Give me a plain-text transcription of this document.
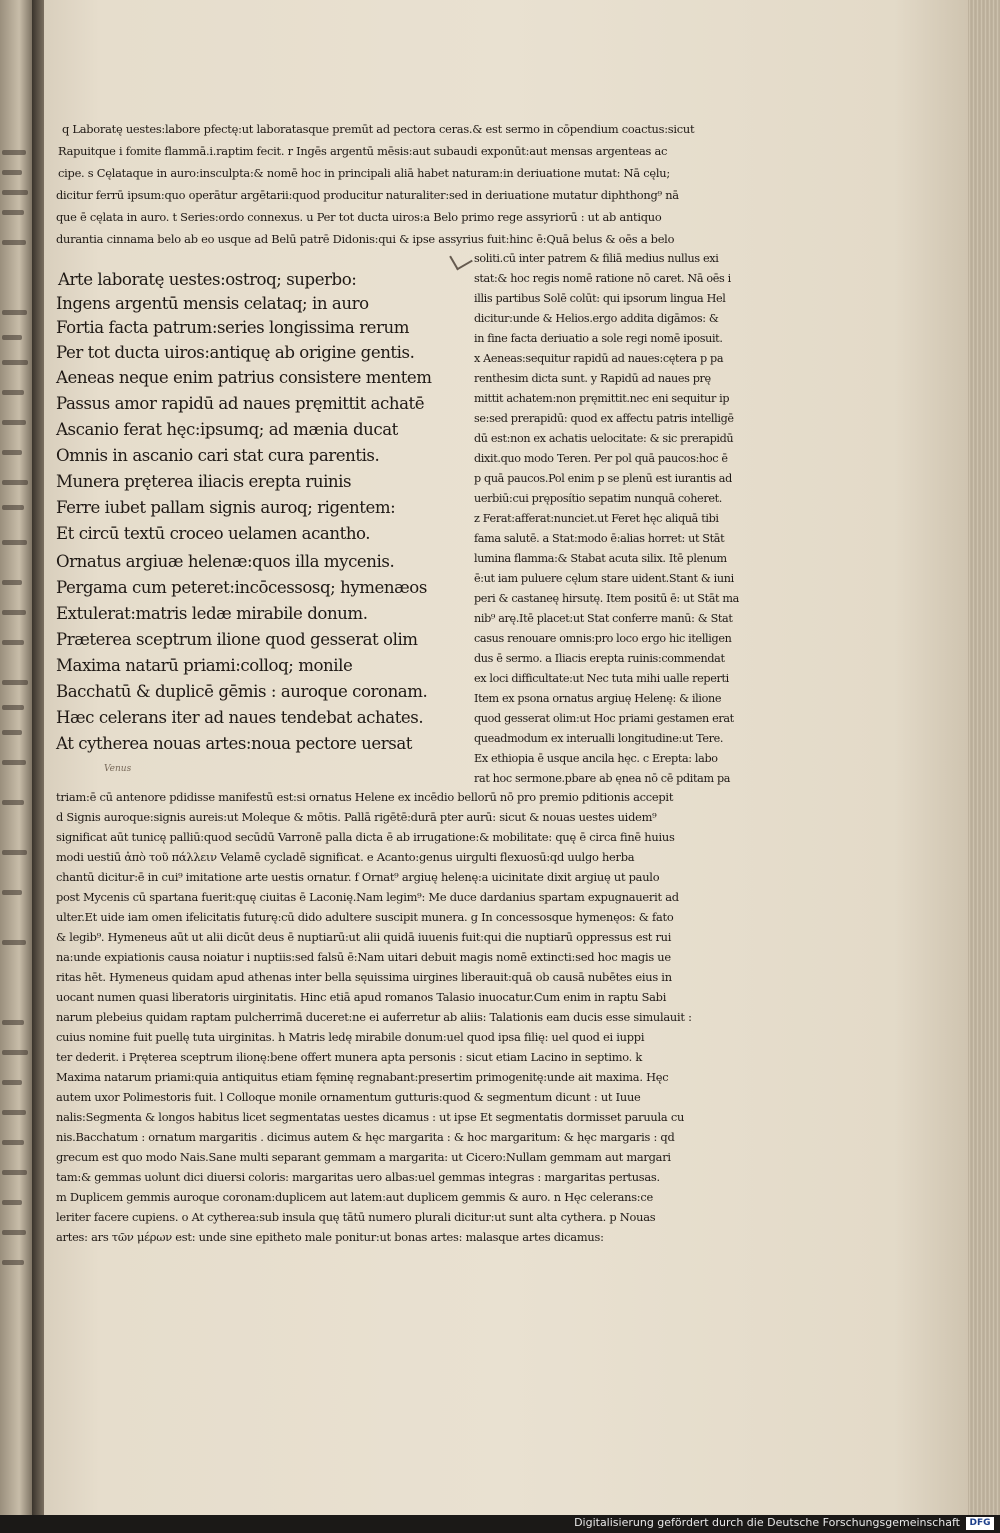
q Laboratę uestes:labore pfectę:ut laboratasque premūt ad pectora ceras.& est sermo in cōpendium coactus:sicut
Rapuitque i fomite flammā.i.raptim fecit. r Ingēs argentū mēsis:aut subaudi exponūt:aut mensas argenteas ac
cipe. s Cęlataque in auro:insculpta:& nomē hoc in principali aliā habet naturam:in deriuatione mutat: Nā cęlu;
dicitur ferrū ipsum:quo operātur argētarii:quod producitur naturaliter:sed in deriuatione mutatur diphthong⁹ nā
que ē cęlata in auro. t Series:ordo connexus. u Per tot ducta uiros:a Belo primo rege assyriorū : ut ab antiquo
durantia cinnama belo ab eo usque ad Belū patrē Didonis:qui & ipse assyrius fuit:hinc ē:Quā belus & oēs a belo
Arte laboratę uestes:ostroq; superbo:
Ingens argentū mensis celataq; in auro
Fortia facta patrum:series longissima rerum
Per tot ducta uiros:antiquę ab origine gentis.
Aeneas neque enim patrius consistere mentem
Passus amor rapidū ad naues pręmittit achatē
Ascanio ferat hęc:ipsumq; ad mænia ducat
Omnis in ascanio cari stat cura parentis.
Munera pręterea iliacis erepta ruinis
Ferre iubet pallam signis auroq; rigentem:
Et circū textū croceo uelamen acantho.
Ornatus argiuæ helenæ:quos illa mycenis.
Pergama cum peteret:incōcessosq; hymenæos
Extulerat:matris ledæ mirabile donum.
Præterea sceptrum ilione quod gesserat olim
Maxima natarū priami:colloq; monile
Bacchatū & duplicē gēmis : auroque coronam.
Hæc celerans iter ad naues tendebat achates.
At cytherea nouas artes:noua pectore uersat
Venus
soliti.cū inter patrem & filiā medius nullus exi
stat:& hoc regis nomē ratione nō caret. Nā oēs i
illis partibus Solē colūt: qui ipsorum lingua Hel
dicitur:unde & Helios.ergo addita digāmos: &
in fine facta deriuatio a sole regi nomē iposuit.
x Aeneas:sequitur rapidū ad naues:cętera p pa
renthesim dicta sunt. y Rapidū ad naues prę
mittit achatem:non pręmittit.nec eni sequitur ip
se:sed prerapidū: quod ex affectu patris intelligē
dū est:non ex achatis uelocitate: & sic prerapidū
dixit.quo modo Teren. Per pol quā paucos:hoc ē
p quā paucos.Pol enim p se plenū est iurantis ad
uerbiū:cui pręposítio sepatim nunquā coheret.
z Ferat:afferat:nunciet.ut Feret hęc aliquā tibi
fama salutē. a Stat:modo ē:alias horret: ut Stāt
lumina flamma:& Stabat acuta silix. Itē plenum
ē:ut iam puluere cęlum stare uident.Stant & iuni
peri & castaneę hirsutę. Item positū ē: ut Stāt ma
nib⁹ arę.Itē placet:ut Stat conferre manū: & Stat
casus renouare omnis:pro loco ergo hic itelligen
dus ē sermo. a Iliacis erepta ruinis:commendat
ex loci difficultate:ut Nec tuta mihi ualle reperti
Item ex psona ornatus argiuę Helenę: & ilione
quod gesserat olim:ut Hoc priami gestamen erat
queadmodum ex interualli longitudine:ut Tere.
Ex ethiopia ē usque ancila hęc. c Erepta: labo
rat hoc sermone.pbare ab ęnea nō cē pditam pa
triam:ē cū antenore pdidisse manifestū est:si ornatus Helene ex incēdio bellorū nō pro premio pditionis accepit
d Signis auroque:signis aureis:ut Moleque & mōtis. Pallā rigētē:durā pter aurū: sicut & nouas uestes uidem⁹
significat aūt tunicę palliū:quod secūdū Varronē palla dicta ē ab irrugatione:& mobilitate: quę ē circa finē huius
modi uestiū ἀπὸ τοῦ πάλλειν Velamē cycladē significat. e Acanto:genus uirgulti flexuosū:qd uulgo herba
chantū dicitur:ē in cui⁹ imitatione arte uestis ornatur. f Ornat⁹ argiuę helenę:a uicinitate dixit argiuę ut paulo
post Mycenis cū spartana fuerit:quę ciuitas ē Laconię.Nam legim⁹: Me duce dardanius spartam expugnauerit ad
ulter.Et uide iam omen ifelicitatis futurę:cū dido adultere suscipit munera. g In concessosque hymenęos: & fato
& legib⁹. Hymeneus aūt ut alii dicūt deus ē nuptiarū:ut alii quidā iuuenis fuit:qui die nuptiarū oppressus est rui
na:unde expiationis causa noiatur i nuptiis:sed falsū ē:Nam uitari debuit magis nomē extincti:sed hoc magis ue
ritas hēt. Hymeneus quidam apud athenas inter bella sęuissima uirgines liberauit:quā ob causā nubētes eius in
uocant numen quasi liberatoris uirginitatis. Hinc etiā apud romanos Talasio inuocatur.Cum enim in raptu Sabi
narum plebeius quidam raptam pulcherrimā duceret:ne ei auferretur ab aliis: Talationis eam ducis esse simulauit :
cuius nomine fuit puellę tuta uirginitas. h Matris ledę mirabile donum:uel quod ipsa filię: uel quod ei iuppi
ter dederit. i Pręterea sceptrum ilionę:bene offert munera apta personis : sicut etiam Lacino in septimo. k
Maxima natarum priami:quia antiquitus etiam fęminę regnabant:presertim primogenitę:unde ait maxima. Hęc
autem uxor Polimestoris fuit. l Colloque monile ornamentum gutturis:quod & segmentum dicunt : ut Iuue
nalis:Segmenta & longos habitus licet segmentatas uestes dicamus : ut ipse Et segmentatis dormisset paruula cu
nis.Bacchatum : ornatum margaritis . dicimus autem & hęc margarita : & hoc margaritum: & hęc margaris : qd
grecum est quo modo Nais.Sane multi separant gemmam a margarita: ut Cicero:Nullam gemmam aut margari
tam:& gemmas uolunt dici diuersi coloris: margaritas uero albas:uel gemmas integras : margaritas pertusas.
m Duplicem gemmis auroque coronam:duplicem aut latem:aut duplicem gemmis & auro. n Hęc celerans:ce
leriter facere cupiens. o At cytherea:sub insula quę tātū numero plurali dicitur:ut sunt alta cythera. p Nouas
artes: ars τῶν μέρων est: unde sine epitheto male ponitur:ut bonas artes: malasque artes dicamus:
Digitalisierung gefördert durch die Deutsche Forschungsgemeinschaft	DFG
